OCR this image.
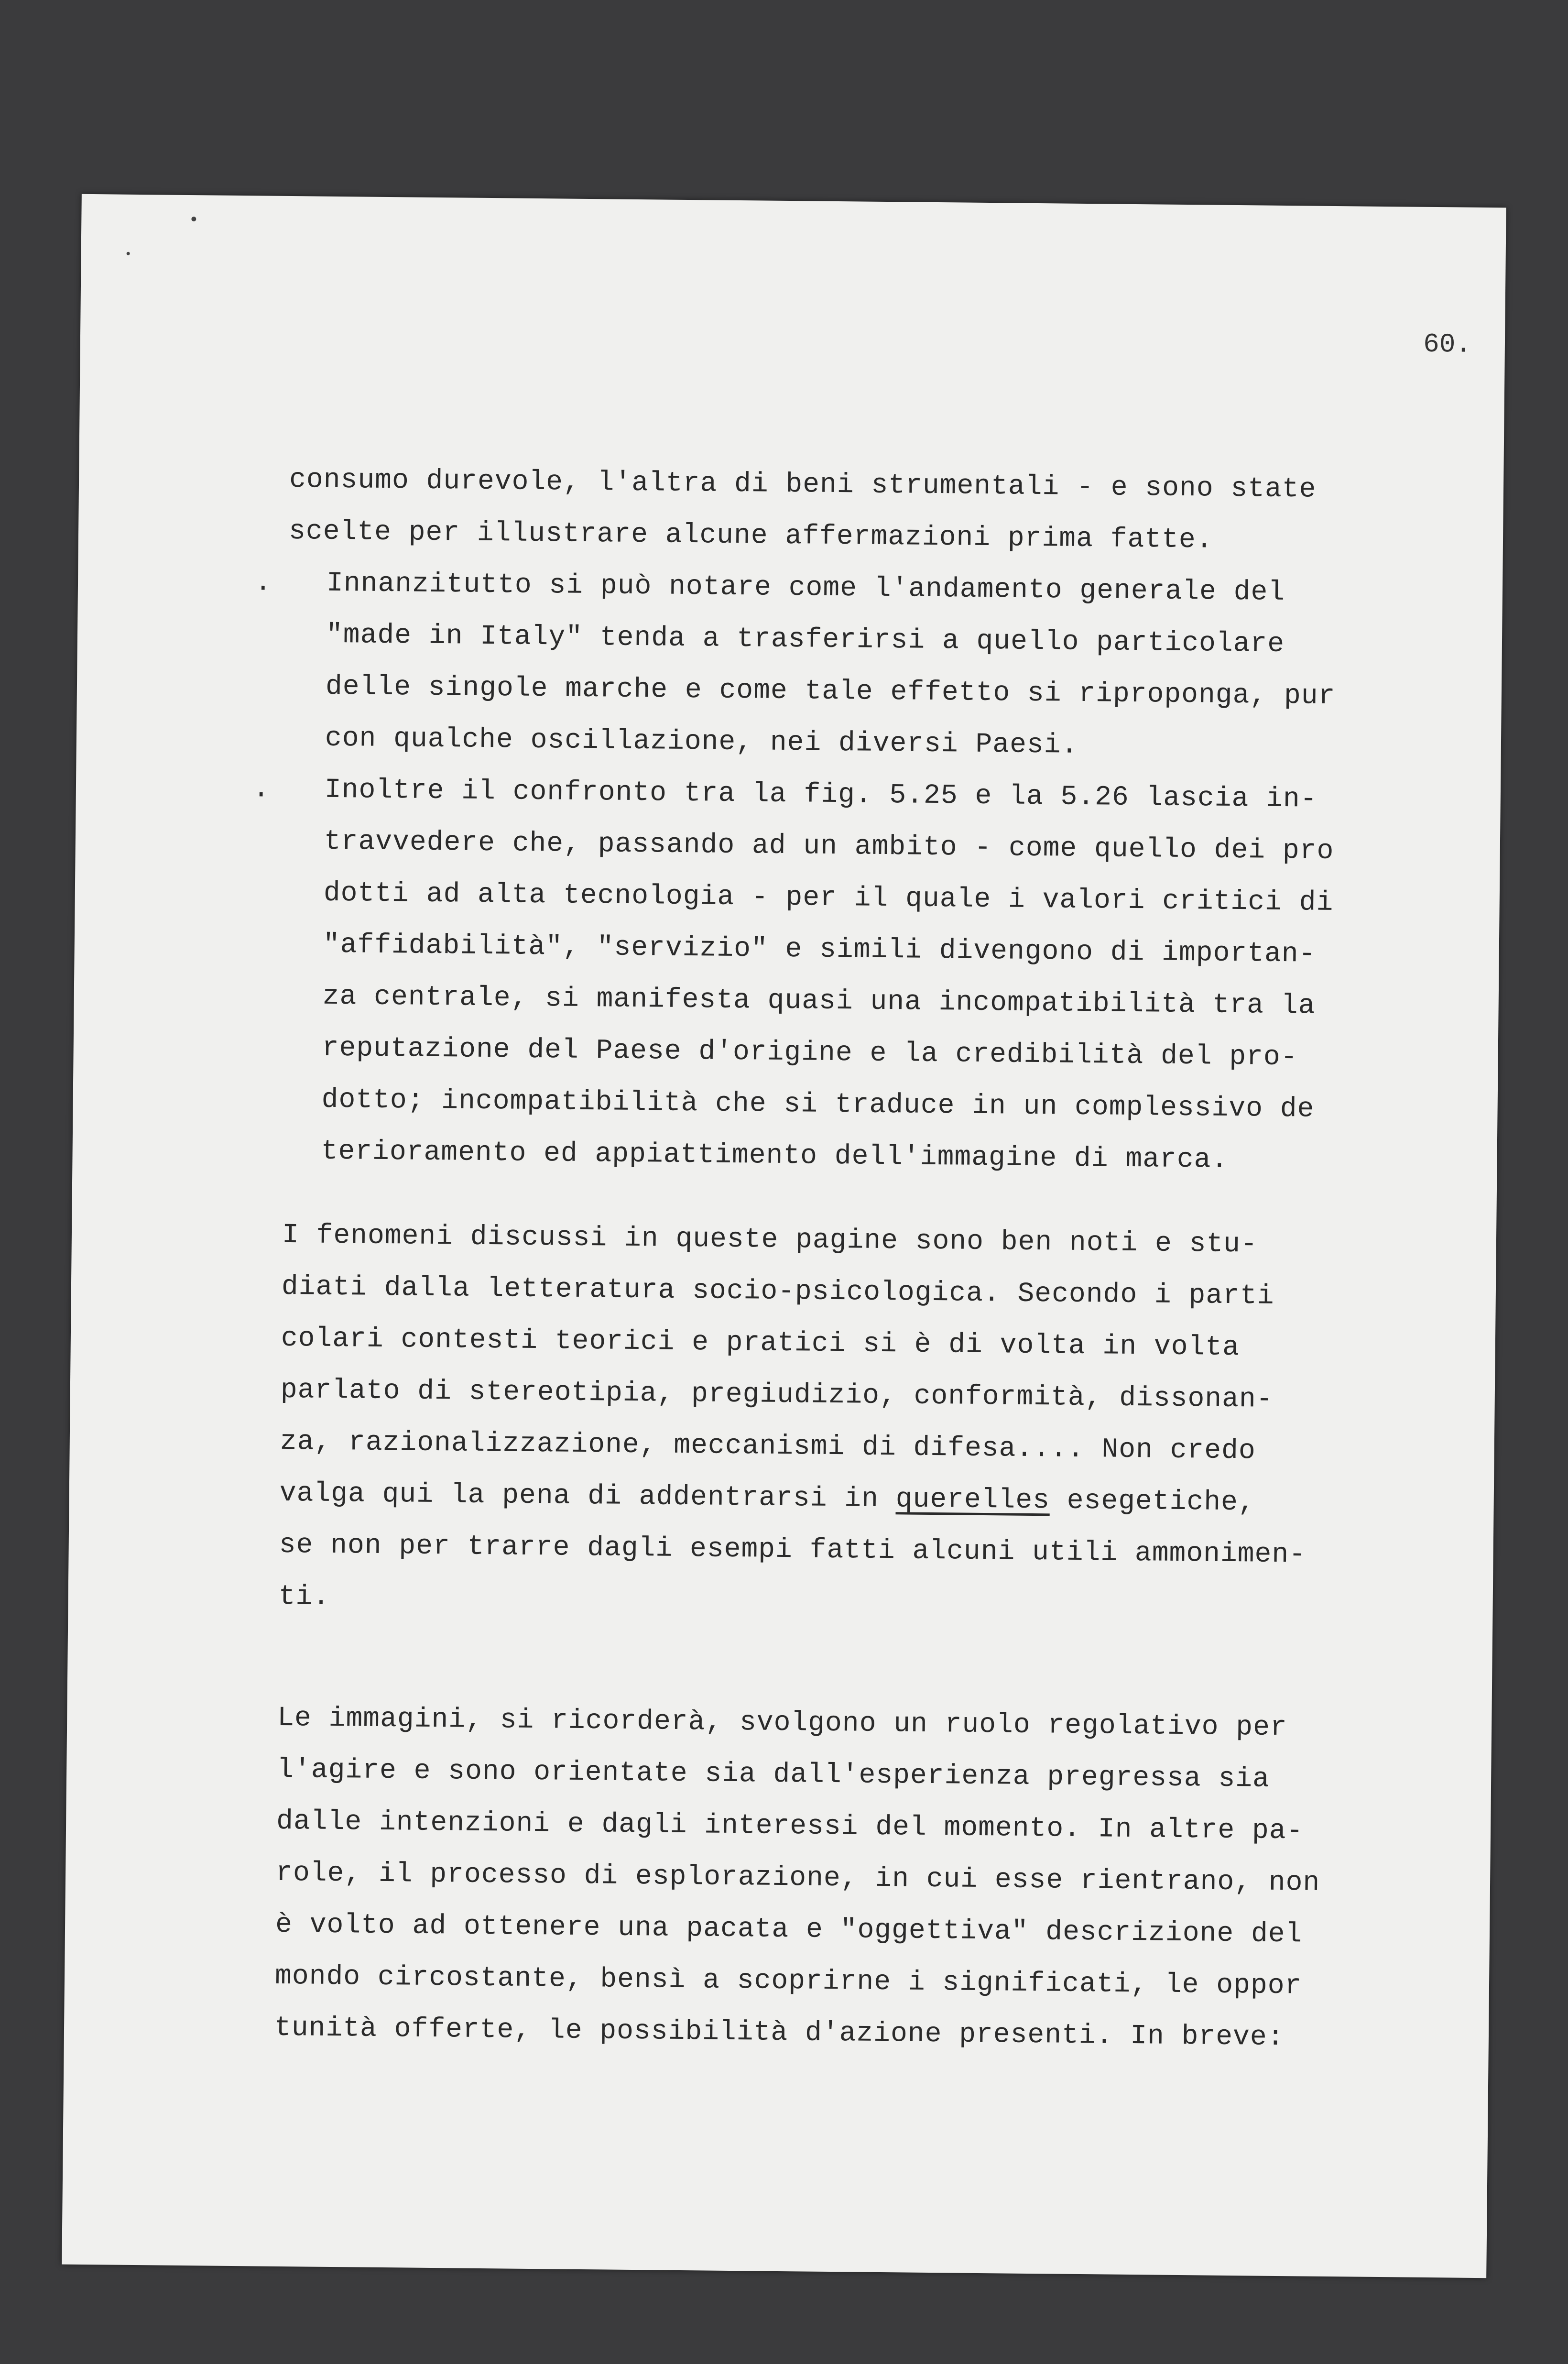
60.
consumo durevole, l'altra di beni strumentali - e sono state
scelte per illustrare alcune affermazioni prima fatte.
. Innanzitutto si può notare come l'andamento generale del
"made in Italy" tenda a trasferirsi a quello particolare
delle singole marche e come tale effetto si riproponga, pur
con qualche oscillazione, nei diversi Paesi.
. Inoltre il confronto tra la fig. 5.25 e la 5.26 lascia in-
travvedere che, passando ad un ambito - come quello dei pro
dotti ad alta tecnologia - per il quale i valori critici di
"affidabilità", "servizio" e simili divengono di importan-
za centrale, si manifesta quasi una incompatibilità tra la
reputazione del Paese d'origine e la credibilità del pro-
dotto; incompatibilità che si traduce in un complessivo de
terioramento ed appiattimento dell'immagine di marca.
I fenomeni discussi in queste pagine sono ben noti e stu-
diati dalla letteratura socio-psicologica. Secondo i parti
colari contesti teorici e pratici si è di volta in volta
parlato di stereotipia, pregiudizio, conformità, dissonan-
za, razionalizzazione, meccanismi di difesa.... Non credo
valga qui la pena di addentrarsi in querelles esegetiche,
se non per trarre dagli esempi fatti alcuni utili ammonimen-
ti.
Le immagini, si ricorderà, svolgono un ruolo regolativo per
l'agire e sono orientate sia dall'esperienza pregressa sia
dalle intenzioni e dagli interessi del momento. In altre pa-
role, il processo di esplorazione, in cui esse rientrano, non
è volto ad ottenere una pacata e "oggettiva" descrizione del
mondo circostante, bensì a scoprirne i significati, le oppor
tunità offerte, le possibilità d'azione presenti. In breve:
